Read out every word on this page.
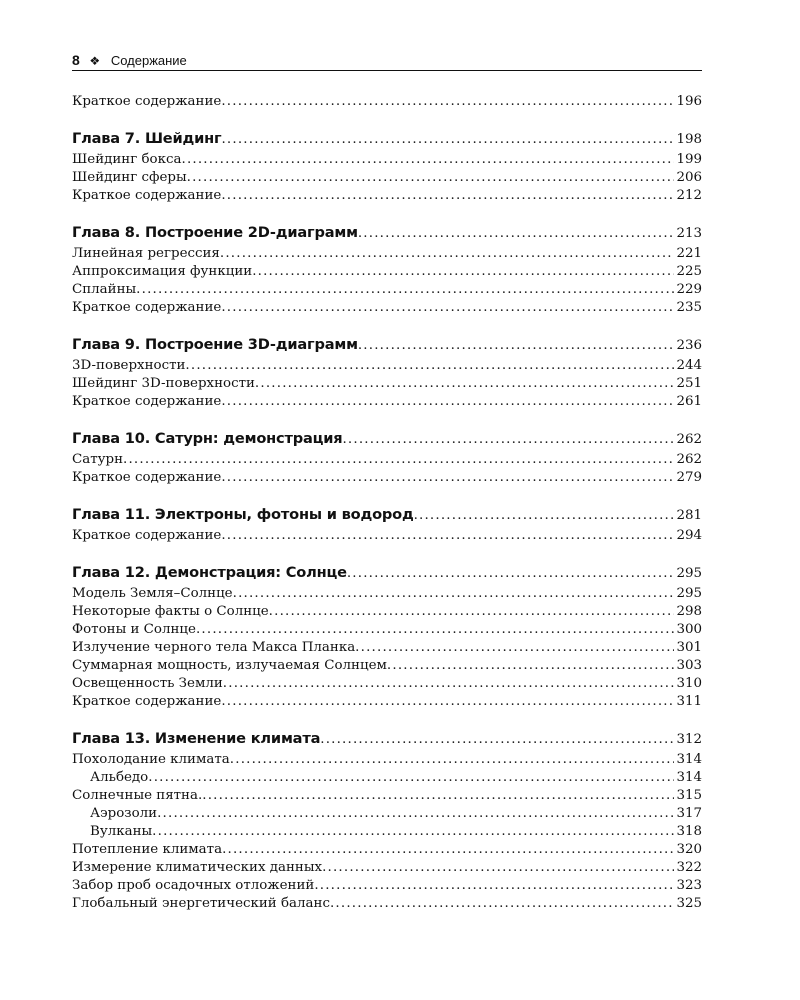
8 ❖ Содержание
Краткое содержание .....	196
Глава 7. Шейдинг .....	198
Шейдинг бокса .....	199
Шейдинг сферы .....	206
Краткое содержание .....	212
Глава 8. Построение 2D-диаграмм .....	213
Линейная регрессия .....	221
Аппроксимация функции .....	225
Сплайны .....	229
Краткое содержание .....	235
Глава 9. Построение 3D-диаграмм .....	236
3D-поверхности .....	244
Шейдинг 3D-поверхности .....	251
Краткое содержание .....	261
Глава 10. Сатурн: демонстрация .....	262
Сатурн .....	262
Краткое содержание .....	279
Глава 11. Электроны, фотоны и водород .....	281
Краткое содержание .....	294
Глава 12. Демонстрация: Солнце .....	295
Модель Земля–Солнце .....	295
Некоторые факты о Солнце .....	298
Фотоны и Солнце .....	300
Излучение черного тела Макса Планка .....	301
Суммарная мощность, излучаемая Солнцем .....	303
Освещенность Земли .....	310
Краткое содержание .....	311
Глава 13. Изменение климата .....	312
Похолодание климата .....	314
Альбедо .....	314
Солнечные пятна. .....	315
Аэрозоли .....	317
Вулканы .....	318
Потепление климата .....	320
Измерение климатических данных .....	322
Забор проб осадочных отложений .....	323
Глобальный энергетический баланс .....	325
